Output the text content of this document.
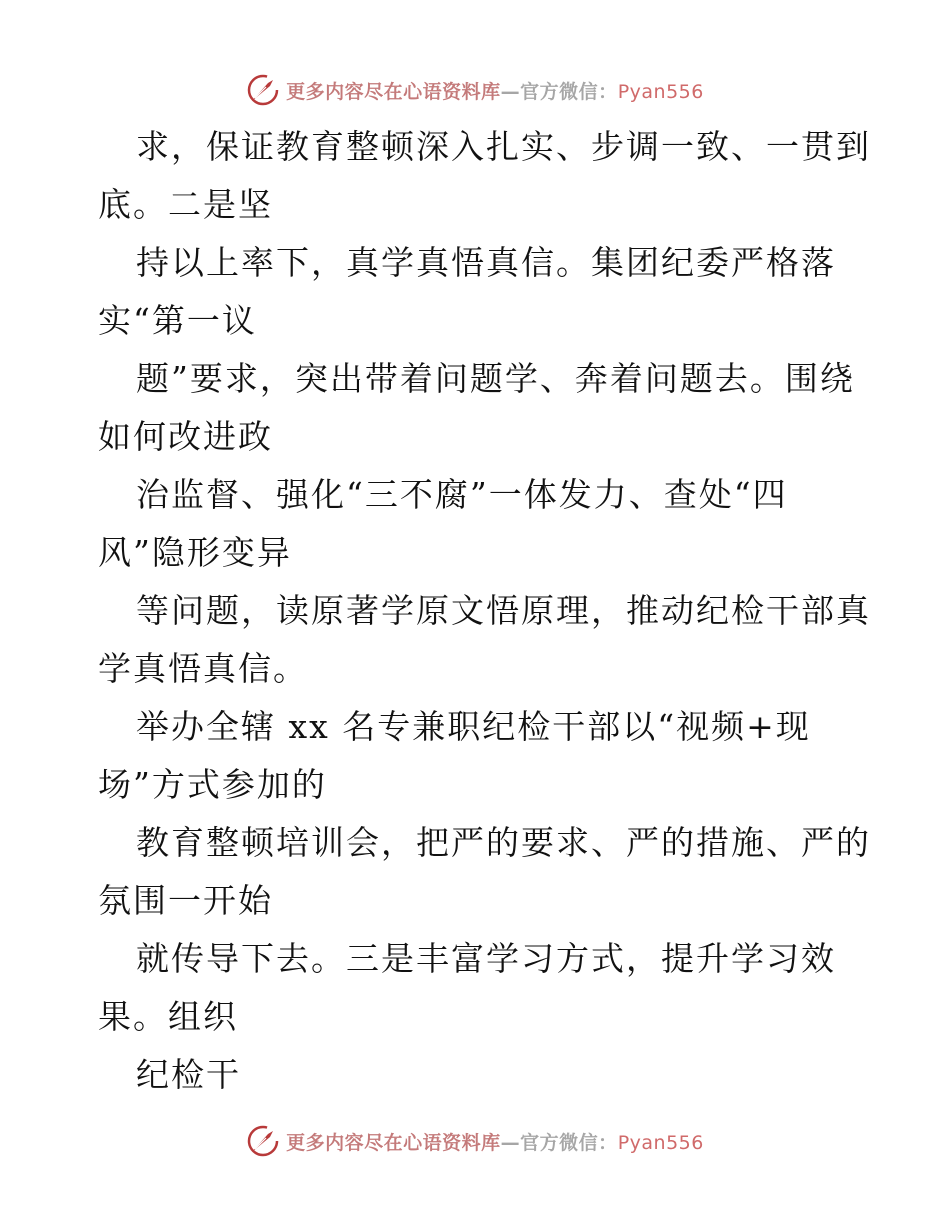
更多内容尽在心语资料库—官方微信：Pyan556
求，保证教育整顿深入扎实、步调一致、一贯到
底。二是坚
持以上率下，真学真悟真信。集团纪委严格落
实“第一议
题”要求，突出带着问题学、奔着问题去。围绕
如何改进政
治监督、强化“三不腐”一体发力、查处“四
风”隐形变异
等问题，读原著学原文悟原理，推动纪检干部真
学真悟真信。
举办全辖 xx 名专兼职纪检干部以“视频+现
场”方式参加的
教育整顿培训会，把严的要求、严的措施、严的
氛围一开始
就传导下去。三是丰富学习方式，提升学习效
果。组织
纪检干
更多内容尽在心语资料库—官方微信：Pyan556
